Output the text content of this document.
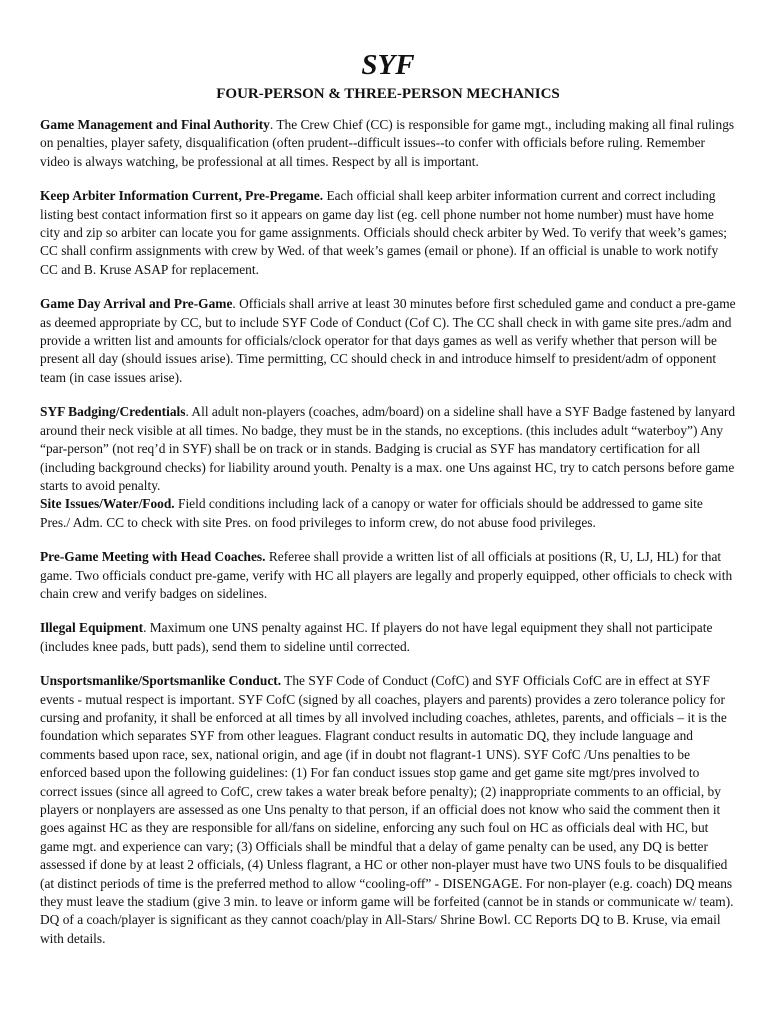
SYF
FOUR-PERSON & THREE-PERSON MECHANICS

Game Management and Final Authority. The Crew Chief (CC) is responsible for game mgt., including making all final rulings on penalties, player safety, disqualification (often prudent--difficult issues--to confer with officials before ruling. Remember video is always watching, be professional at all times. Respect by all is important.

Keep Arbiter Information Current, Pre-Pregame. Each official shall keep arbiter information current and correct including listing best contact information first so it appears on game day list (eg. cell phone number not home number) must have home city and zip so arbiter can locate you for game assignments. Officials should check arbiter by Wed. To verify that week’s games; CC shall confirm assignments with crew by Wed. of that week’s games (email or phone). If an official is unable to work notify CC and B. Kruse ASAP for replacement.

Game Day Arrival and Pre-Game. Officials shall arrive at least 30 minutes before first scheduled game and conduct a pre-game as deemed appropriate by CC, but to include SYF Code of Conduct (Cof C). The CC shall check in with game site pres./adm and provide a written list and amounts for officials/clock operator for that days games as well as verify whether that person will be present all day (should issues arise). Time permitting, CC should check in and introduce himself to president/adm of opponent team (in case issues arise).

SYF Badging/Credentials. All adult non-players (coaches, adm/board) on a sideline shall have a SYF Badge fastened by lanyard around their neck visible at all times. No badge, they must be in the stands, no exceptions. (this includes adult “waterboy”) Any “par-person” (not req’d in SYF) shall be on track or in stands. Badging is crucial as SYF has mandatory certification for all (including background checks) for liability around youth. Penalty is a max. one Uns against HC, try to catch persons before game starts to avoid penalty.

Site Issues/Water/Food. Field conditions including lack of a canopy or water for officials should be addressed to game site Pres./ Adm. CC to check with site Pres. on food privileges to inform crew, do not abuse food privileges.

Pre-Game Meeting with Head Coaches. Referee shall provide a written list of all officials at positions (R, U, LJ, HL) for that game. Two officials conduct pre-game, verify with HC all players are legally and properly equipped, other officials to check with chain crew and verify badges on sidelines.

Illegal Equipment. Maximum one UNS penalty against HC. If players do not have legal equipment they shall not participate (includes knee pads, butt pads), send them to sideline until corrected.

Unsportsmanlike/Sportsmanlike Conduct. The SYF Code of Conduct (CofC) and SYF Officials CofC are in effect at SYF events - mutual respect is important. SYF CofC (signed by all coaches, players and parents) provides a zero tolerance policy for cursing and profanity, it shall be enforced at all times by all involved including coaches, athletes, parents, and officials – it is the foundation which separates SYF from other leagues. Flagrant conduct results in automatic DQ, they include language and comments based upon race, sex, national origin, and age (if in doubt not flagrant-1 UNS). SYF CofC /Uns penalties to be enforced based upon the following guidelines: (1) For fan conduct issues stop game and get game site mgt/pres involved to correct issues (since all agreed to CofC, crew takes a water break before penalty); (2) inappropriate comments to an official, by players or nonplayers are assessed as one Uns penalty to that person, if an official does not know who said the comment then it goes against HC as they are responsible for all/fans on sideline, enforcing any such foul on HC as officials deal with HC, but game mgt. and experience can vary; (3) Officials shall be mindful that a delay of game penalty can be used, any DQ is better assessed if done by at least 2 officials, (4) Unless flagrant, a HC or other non-player must have two UNS fouls to be disqualified (at distinct periods of time is the preferred method to allow “cooling-off” - DISENGAGE. For non-player (e.g. coach) DQ means they must leave the stadium (give 3 min. to leave or inform game will be forfeited (cannot be in stands or communicate w/ team). DQ of a coach/player is significant as they cannot coach/play in All-Stars/ Shrine Bowl. CC Reports DQ to B. Kruse, via email with details.
